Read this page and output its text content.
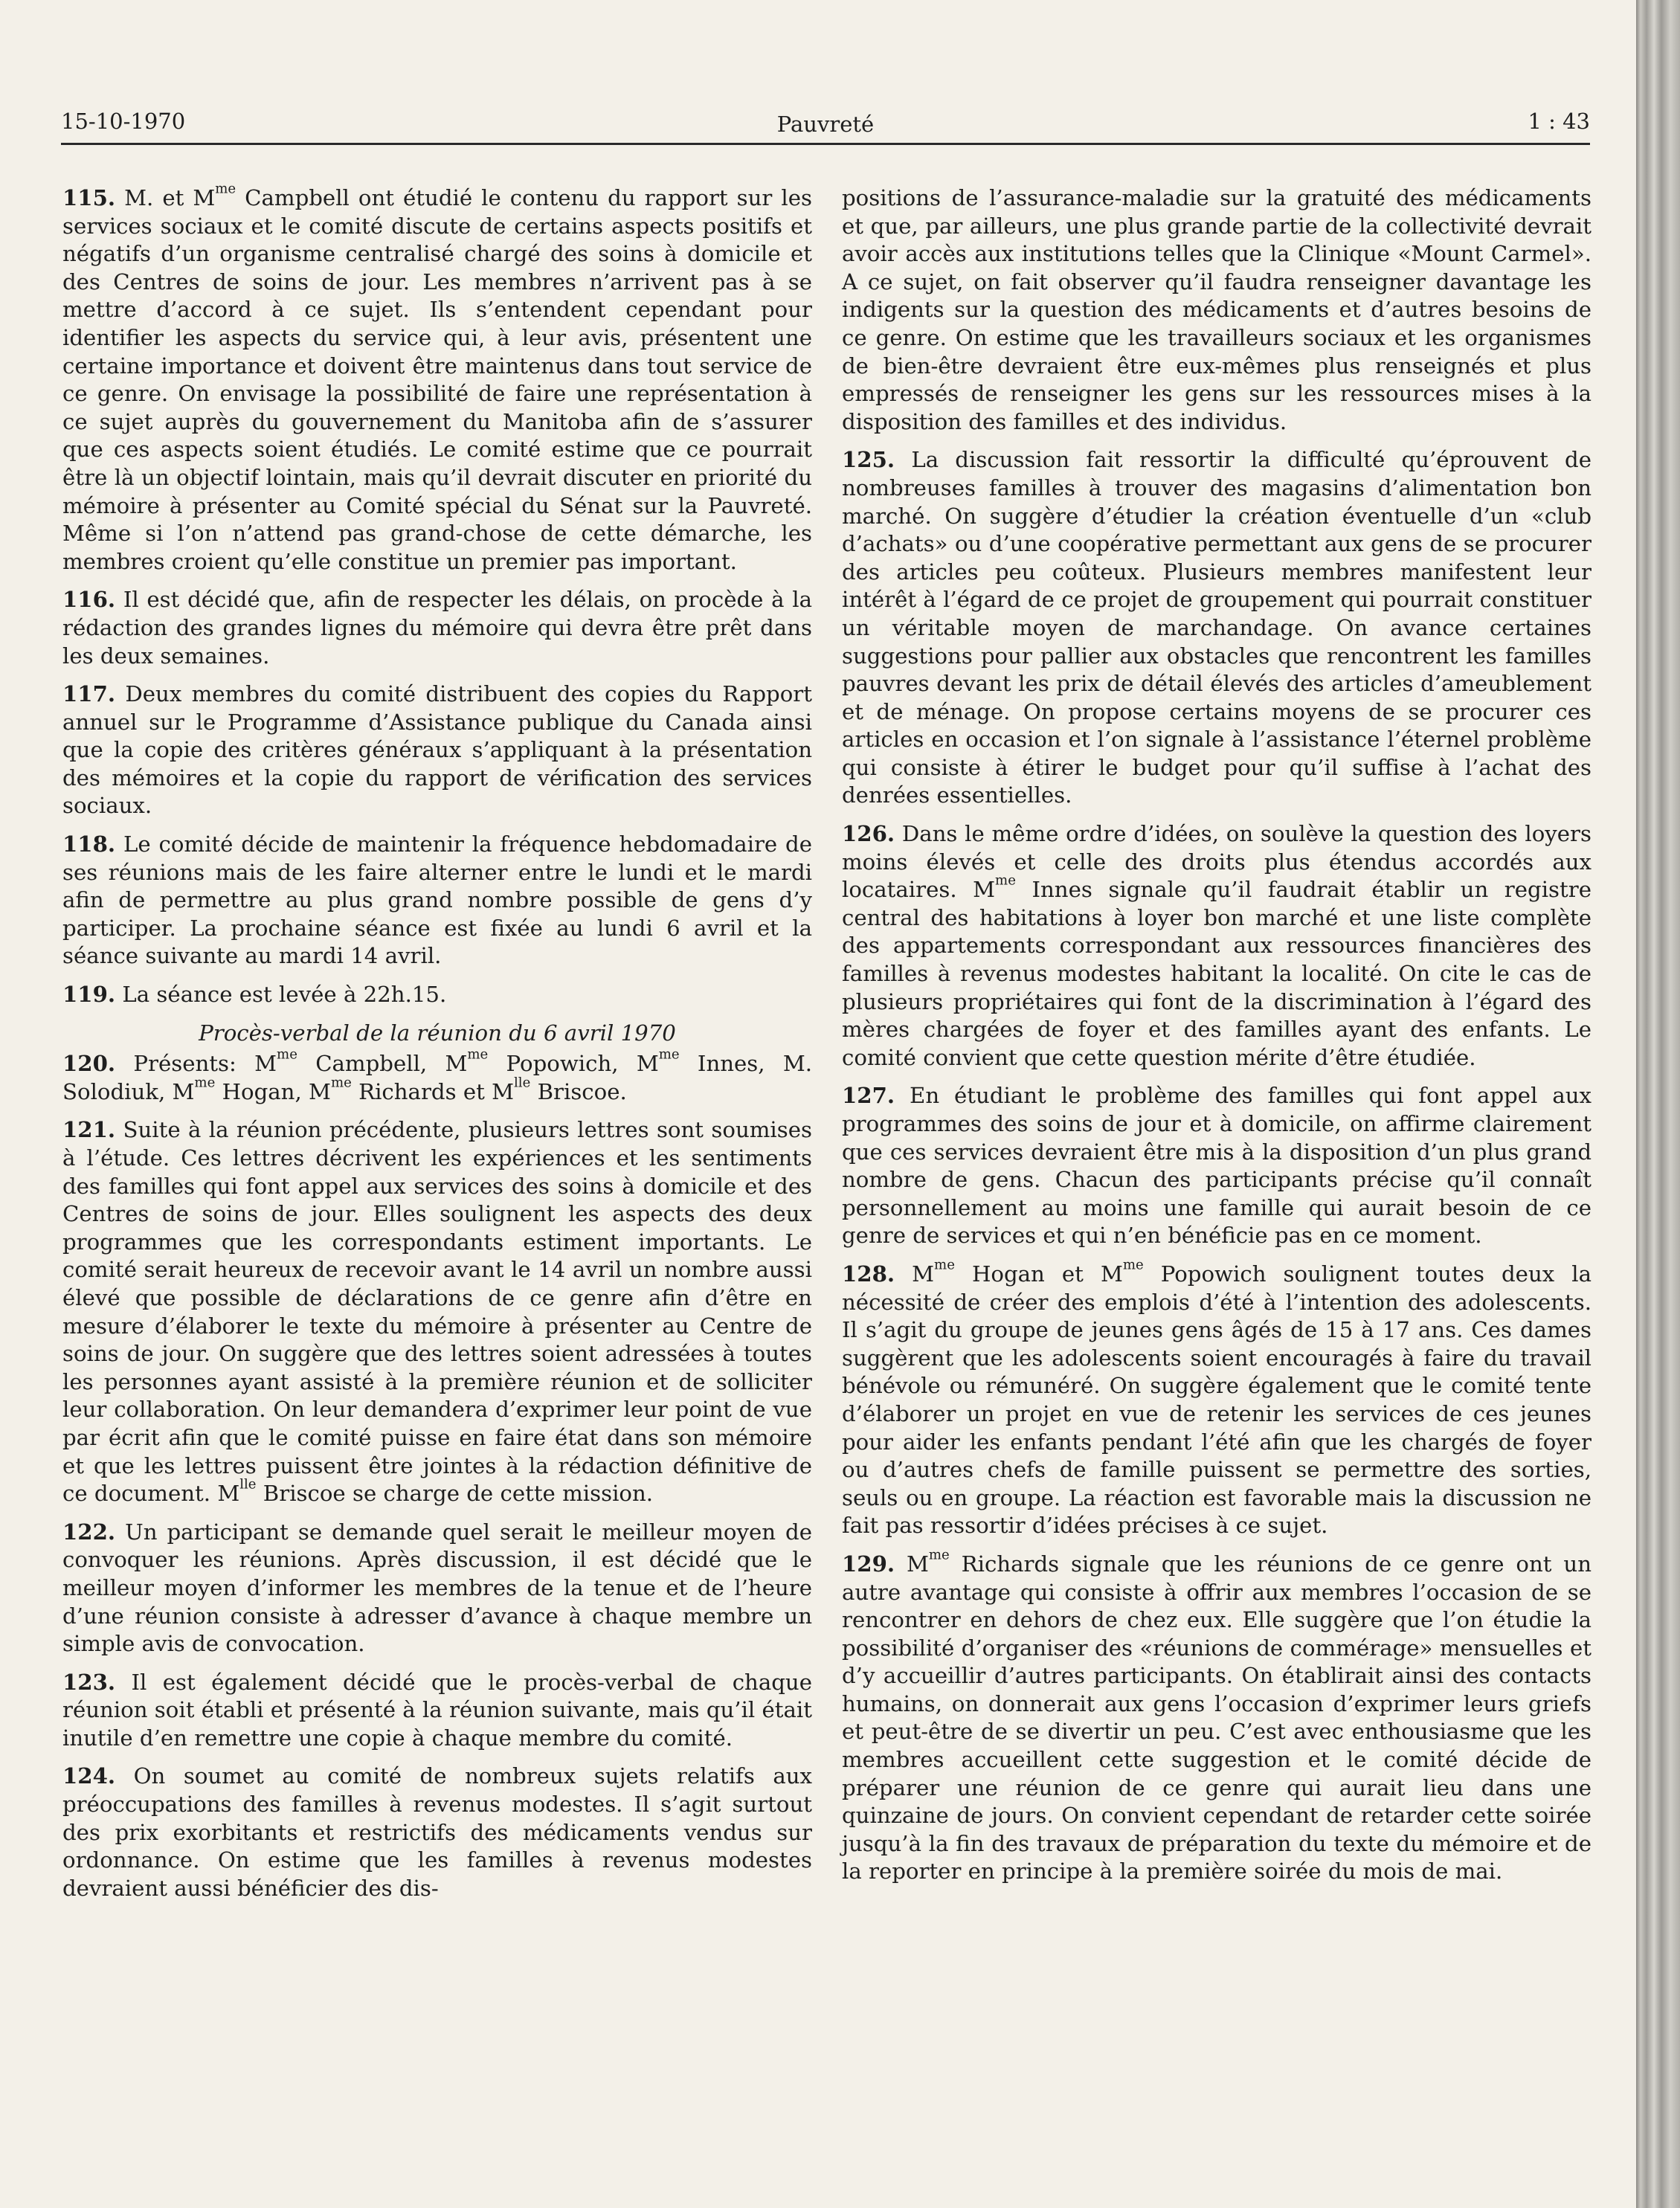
15-10-1970	Pauvreté	1 : 43

115. M. et $M^{me}$ Campbell ont étudié le contenu du rapport sur les services sociaux et le comité discute de certains aspects positifs et négatifs d’un organisme centralisé chargé des soins à domicile et des Centres de soins de jour. Les membres n’arrivent pas à se mettre d’accord à ce sujet. Ils s’entendent cependant pour identifier les aspects du service qui, à leur avis, présentent une certaine importance et doivent être maintenus dans tout service de ce genre. On envisage la possibilité de faire une représentation à ce sujet auprès du gouvernement du Manitoba afin de s’assurer que ces aspects soient étudiés. Le comité estime que ce pourrait être là un objectif lointain, mais qu’il devrait discuter en priorité du mémoire à présenter au Comité spécial du Sénat sur la Pauvreté. Même si l’on n’attend pas grand-chose de cette démarche, les membres croient qu’elle constitue un premier pas important.

116. Il est décidé que, afin de respecter les délais, on procède à la rédaction des grandes lignes du mémoire qui devra être prêt dans les deux semaines.

117. Deux membres du comité distribuent des copies du Rapport annuel sur le Programme d’Assistance publique du Canada ainsi que la copie des critères généraux s’appliquant à la présentation des mémoires et la copie du rapport de vérification des services sociaux.

118. Le comité décide de maintenir la fréquence hebdomadaire de ses réunions mais de les faire alterner entre le lundi et le mardi afin de permettre au plus grand nombre possible de gens d’y participer. La prochaine séance est fixée au lundi 6 avril et la séance suivante au mardi 14 avril.

119. La séance est levée à 22h.15.

Procès-verbal de la réunion du 6 avril 1970

120. Présents: $M^{me}$ Campbell, $M^{me}$ Popowich, $M^{me}$ Innes, M. Solodiuk, $M^{me}$ Hogan, $M^{me}$ Richards et $M^{lle}$ Briscoe.

121. Suite à la réunion précédente, plusieurs lettres sont soumises à l’étude. Ces lettres décrivent les expériences et les sentiments des familles qui font appel aux services des soins à domicile et des Centres de soins de jour. Elles soulignent les aspects des deux programmes que les correspondants estiment importants. Le comité serait heureux de recevoir avant le 14 avril un nombre aussi élevé que possible de déclarations de ce genre afin d’être en mesure d’élaborer le texte du mémoire à présenter au Centre de soins de jour. On suggère que des lettres soient adressées à toutes les personnes ayant assisté à la première réunion et de solliciter leur collaboration. On leur demandera d’exprimer leur point de vue par écrit afin que le comité puisse en faire état dans son mémoire et que les lettres puissent être jointes à la rédaction définitive de ce document. $M^{lle}$ Briscoe se charge de cette mission.

122. Un participant se demande quel serait le meilleur moyen de convoquer les réunions. Après discussion, il est décidé que le meilleur moyen d’informer les membres de la tenue et de l’heure d’une réunion consiste à adresser d’avance à chaque membre un simple avis de convocation.

123. Il est également décidé que le procès-verbal de chaque réunion soit établi et présenté à la réunion suivante, mais qu’il était inutile d’en remettre une copie à chaque membre du comité.

124. On soumet au comité de nombreux sujets relatifs aux préoccupations des familles à revenus modestes. Il s’agit surtout des prix exorbitants et restrictifs des médicaments vendus sur ordonnance. On estime que les familles à revenus modestes devraient aussi bénéficier des dis-

positions de l’assurance-maladie sur la gratuité des médicaments et que, par ailleurs, une plus grande partie de la collectivité devrait avoir accès aux institutions telles que la Clinique «Mount Carmel». A ce sujet, on fait observer qu’il faudra renseigner davantage les indigents sur la question des médicaments et d’autres besoins de ce genre. On estime que les travailleurs sociaux et les organismes de bien-être devraient être eux-mêmes plus renseignés et plus empressés de renseigner les gens sur les ressources mises à la disposition des familles et des individus.

125. La discussion fait ressortir la difficulté qu’éprouvent de nombreuses familles à trouver des magasins d’alimentation bon marché. On suggère d’étudier la création éventuelle d’un «club d’achats» ou d’une coopérative permettant aux gens de se procurer des articles peu coûteux. Plusieurs membres manifestent leur intérêt à l’égard de ce projet de groupement qui pourrait constituer un véritable moyen de marchandage. On avance certaines suggestions pour pallier aux obstacles que rencontrent les familles pauvres devant les prix de détail élevés des articles d’ameublement et de ménage. On propose certains moyens de se procurer ces articles en occasion et l’on signale à l’assistance l’éternel problème qui consiste à étirer le budget pour qu’il suffise à l’achat des denrées essentielles.

126. Dans le même ordre d’idées, on soulève la question des loyers moins élevés et celle des droits plus étendus accordés aux locataires. $M^{me}$ Innes signale qu’il faudrait établir un registre central des habitations à loyer bon marché et une liste complète des appartements correspondant aux ressources financières des familles à revenus modestes habitant la localité. On cite le cas de plusieurs propriétaires qui font de la discrimination à l’égard des mères chargées de foyer et des familles ayant des enfants. Le comité convient que cette question mérite d’être étudiée.

127. En étudiant le problème des familles qui font appel aux programmes des soins de jour et à domicile, on affirme clairement que ces services devraient être mis à la disposition d’un plus grand nombre de gens. Chacun des participants précise qu’il connaît personnellement au moins une famille qui aurait besoin de ce genre de services et qui n’en bénéficie pas en ce moment.

128. $M^{me}$ Hogan et $M^{me}$ Popowich soulignent toutes deux la nécessité de créer des emplois d’été à l’intention des adolescents. Il s’agit du groupe de jeunes gens âgés de 15 à 17 ans. Ces dames suggèrent que les adolescents soient encouragés à faire du travail bénévole ou rémunéré. On suggère également que le comité tente d’élaborer un projet en vue de retenir les services de ces jeunes pour aider les enfants pendant l’été afin que les chargés de foyer ou d’autres chefs de famille puissent se permettre des sorties, seuls ou en groupe. La réaction est favorable mais la discussion ne fait pas ressortir d’idées précises à ce sujet.

129. $M^{me}$ Richards signale que les réunions de ce genre ont un autre avantage qui consiste à offrir aux membres l’occasion de se rencontrer en dehors de chez eux. Elle suggère que l’on étudie la possibilité d’organiser des «réunions de commérage» mensuelles et d’y accueillir d’autres participants. On établirait ainsi des contacts humains, on donnerait aux gens l’occasion d’exprimer leurs griefs et peut-être de se divertir un peu. C’est avec enthousiasme que les membres accueillent cette suggestion et le comité décide de préparer une réunion de ce genre qui aurait lieu dans une quinzaine de jours. On convient cependant de retarder cette soirée jusqu’à la fin des travaux de préparation du texte du mémoire et de la reporter en principe à la première soirée du mois de mai.
